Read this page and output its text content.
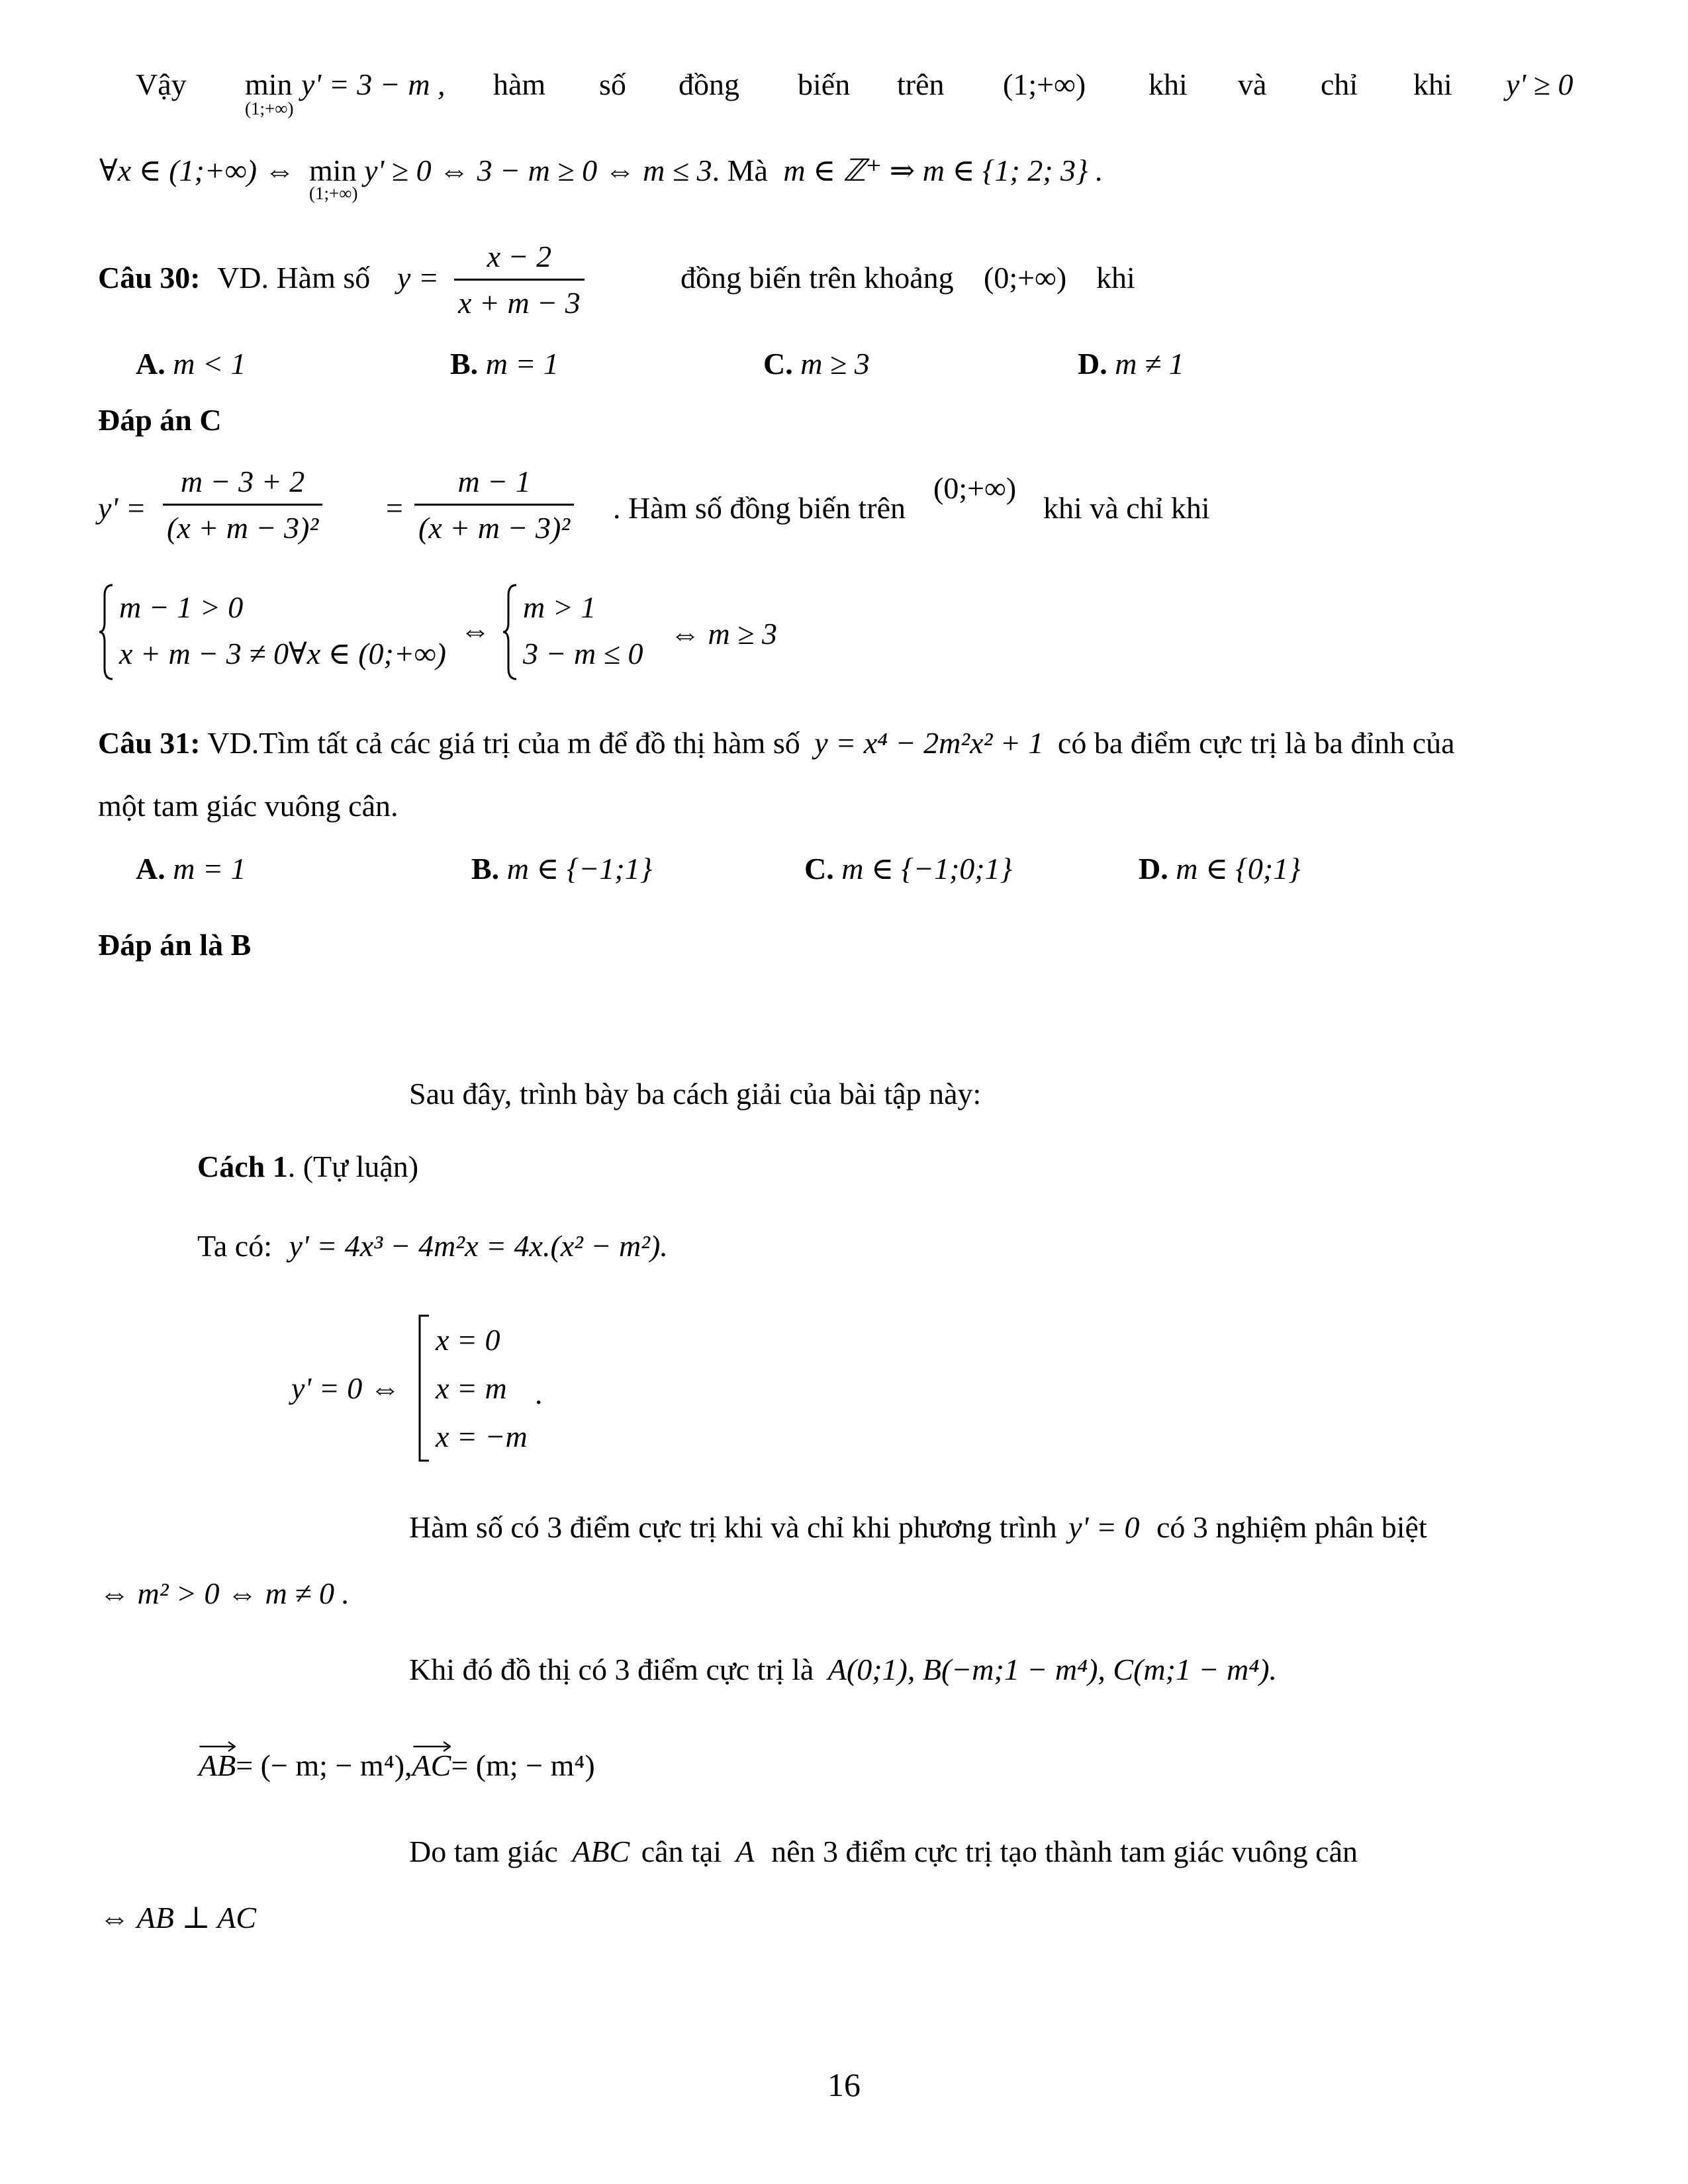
Vậy min
(1;+∞)
y' = 3 − m , hàm số đồng biến trên (1;+∞) khi và chỉ khi y' ≥ 0
∀x ∈ (1;+∞) ⇔ min
(1;+∞)
y' ≥ 0 ⇔ 3 − m ≥ 0 ⇔ m ≤ 3. Mà m ∈ ℤ⁺ ⇒ m ∈ {1; 2; 3} .
Câu 30: VD. Hàm số $y = \frac{x - 2}{x + m - 3}$	đồng biến trên khoảng (0;+∞) khi
A. m < 1	B. m = 1	C. m ≥ 3	D. m ≠ 1
Đáp án C
$y' = \frac{m - 3 + 2}{\text{(x + m − 3)²}} = \frac{m - 1}{\text{(x + m − 3)²}}$ . Hàm số đồng biến trên
(0;+∞)
khi và chỉ khi
m − 1 > 0
x + m − 3 ≠ 0∀x ∈ (0;+∞)
⇔
m > 1
3 − m ≤ 0
⇔ m ≥ 3
Câu 31: VD.Tìm tất cả các giá trị của m để đồ thị hàm số y = x⁴ − 2m²x² + 1 có ba điểm cực trị là ba đỉnh của
một tam giác vuông cân.
A. m = 1	B. m ∈ {−1;1}	C. m ∈ {−1;0;1}	D. m ∈ {0;1}
Đáp án là B
Sau đây, trình bày ba cách giải của bài tập này:
Cách 1. (Tự luận)
Ta có: y' = 4x³ − 4m²x = 4x.(x² − m²).
y' = 0 ⇔
x = 0
x = m
x = −m
.
Hàm số có 3 điểm cực trị khi và chỉ khi phương trình y' = 0 có 3 nghiệm phân biệt
⇔ m² > 0 ⇔ m ≠ 0 .
Khi đó đồ thị có 3 điểm cực trị là A(0;1), B(−m;1 − m⁴), C(m;1 − m⁴).
AB= (− m; − m⁴),
AC= (m; − m⁴)
Do tam giác ABC cân tại A nên 3 điểm cực trị tạo thành tam giác vuông cân
⇔ AB ⊥ AC
16
